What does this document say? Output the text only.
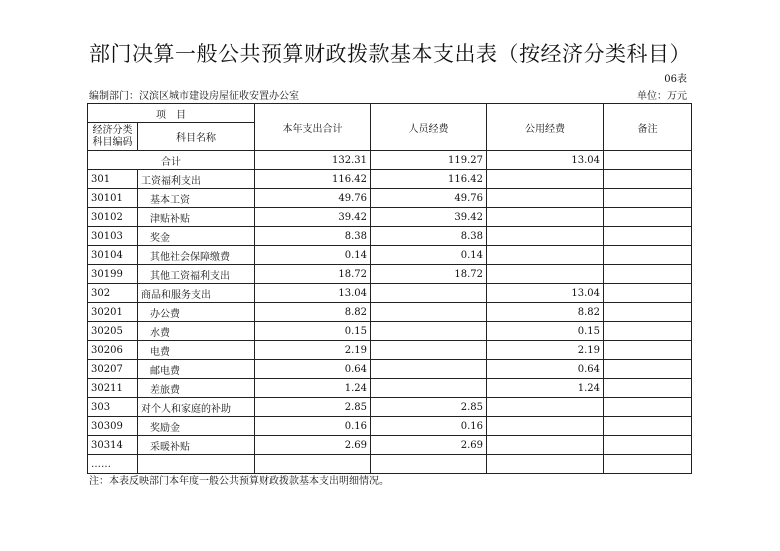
部门决算一般公共预算财政拨款基本支出表（按经济分类科目）
06表
编制部门：汉滨区城市建设房屋征收安置办公室	单位：万元
项　目		本年支出合计	人员经费	公用经费	备注
经济分类科目编码	科目名称				
合计		132.31	119.27	13.04	
301	工资福利支出	116.42	116.42		
30101	基本工资	49.76	49.76		
30102	津贴补贴	39.42	39.42		
30103	奖金	8.38	8.38		
30104	其他社会保障缴费	0.14	0.14		
30199	其他工资福利支出	18.72	18.72		
302	商品和服务支出	13.04		13.04	
30201	办公费	8.82		8.82	
30205	水费	0.15		0.15	
30206	电费	2.19		2.19	
30207	邮电费	0.64		0.64	
30211	差旅费	1.24		1.24	
303	对个人和家庭的补助	2.85	2.85		
30309	奖励金	0.16	0.16		
30314	采暖补贴	2.69	2.69		
……					
注：本表反映部门本年度一般公共预算财政拨款基本支出明细情况。
